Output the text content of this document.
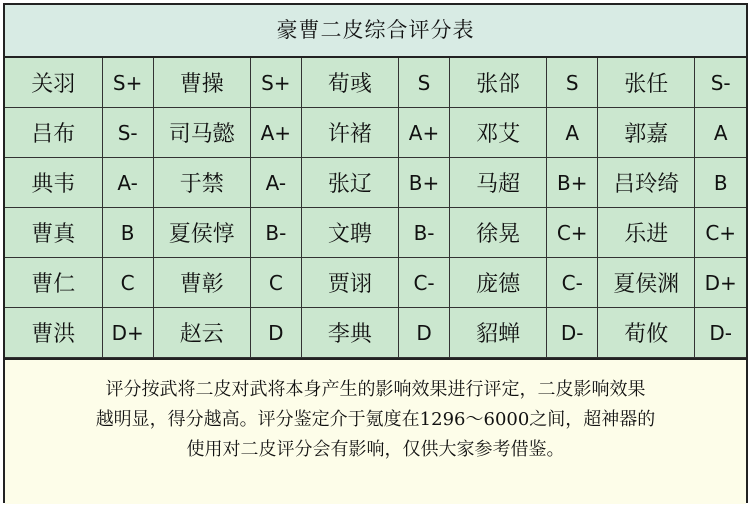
豪曹二皮综合评分表
关羽	S+	曹操	S+	荀彧	S	张郃	S	张任	S-
吕布	S-	司马懿	A+	许褚	A+	邓艾	A	郭嘉	A
典韦	A-	于禁	A-	张辽	B+	马超	B+	吕玲绮	B
曹真	B	夏侯惇	B-	文聘	B-	徐晃	C+	乐进	C+
曹仁	C	曹彰	C	贾诩	C-	庞德	C-	夏侯渊	D+
曹洪	D+	赵云	D	李典	D	貂蝉	D-	荀攸	D-
评分按武将二皮对武将本身产生的影响效果进行评定，二皮影响效果
越明显，得分越高。评分鉴定介于氪度在1296～6000之间，超神器的
使用对二皮评分会有影响，仅供大家参考借鉴。
